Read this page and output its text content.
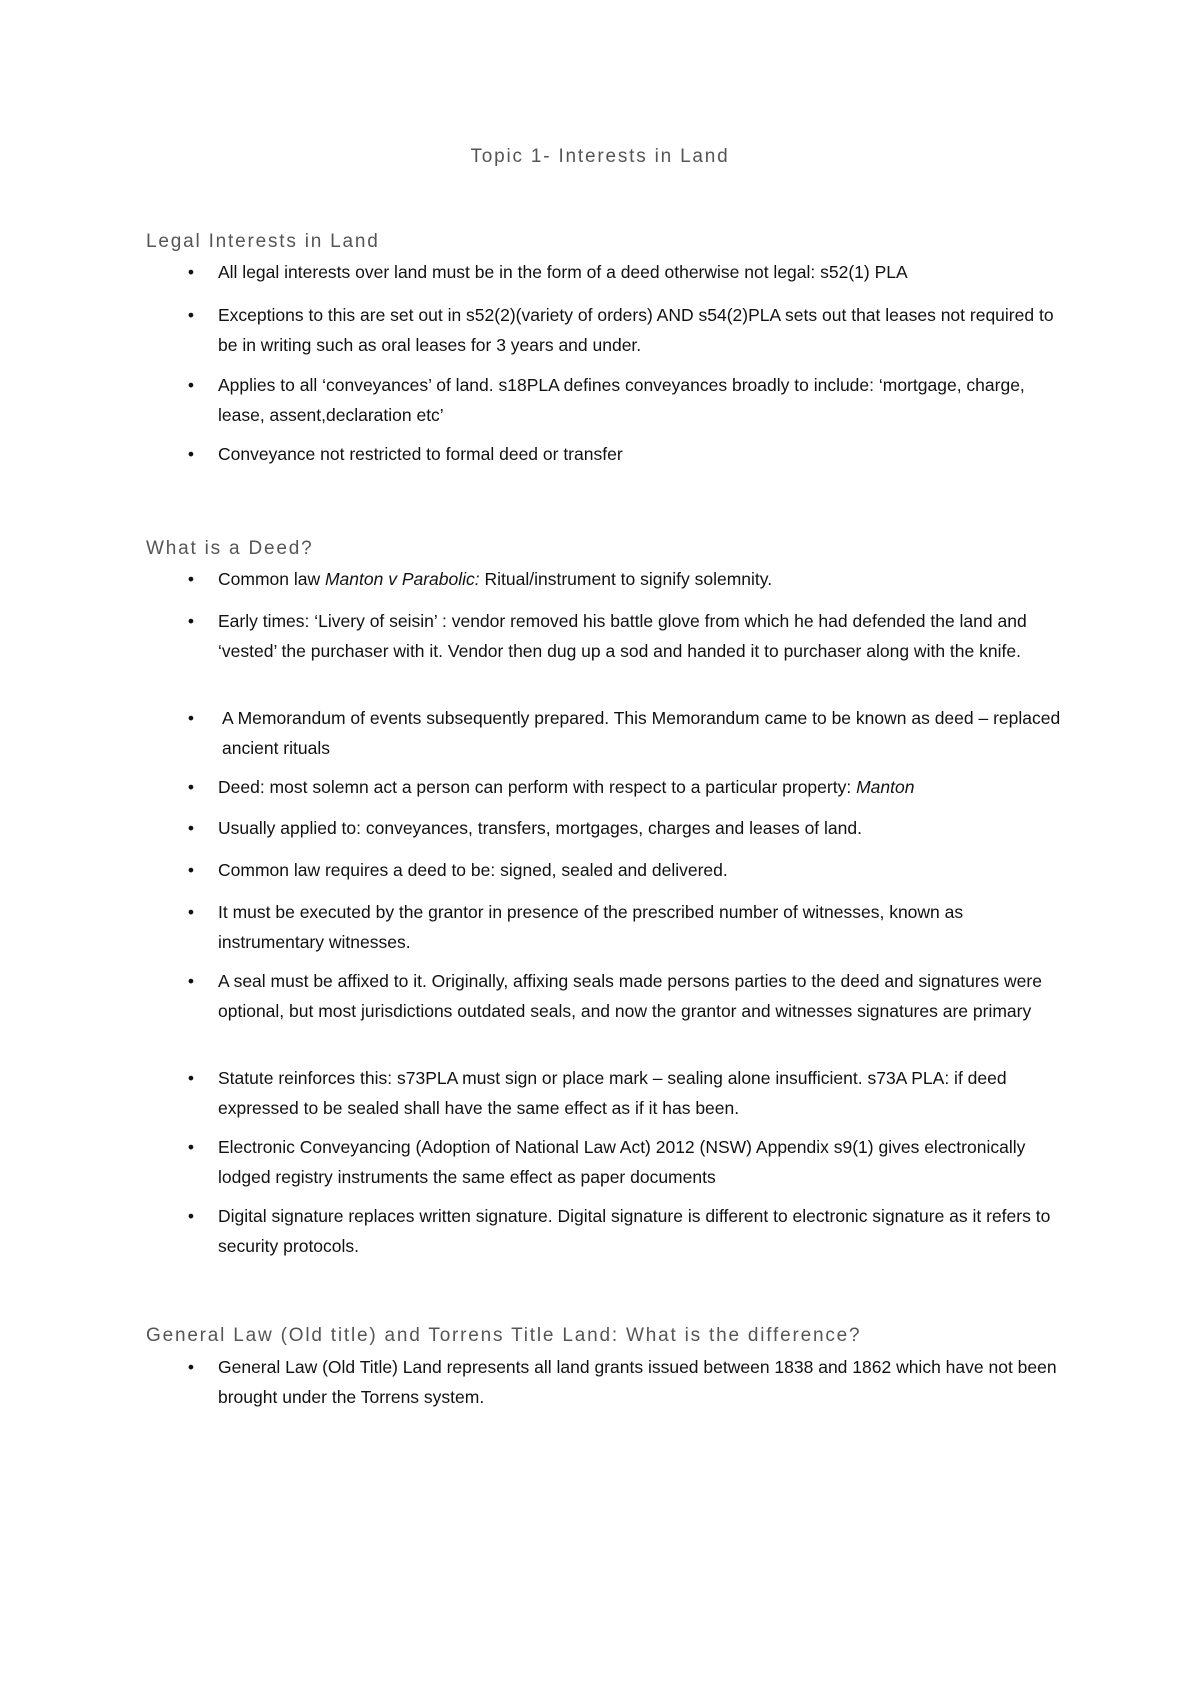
Topic 1- Interests in Land
Legal Interests in Land
• All legal interests over land must be in the form of a deed otherwise not legal: s52(1) PLA
• Exceptions to this are set out in s52(2)(variety of orders) AND s54(2)PLA sets out that leases not required to be in writing such as oral leases for 3 years and under.
• Applies to all ‘conveyances’ of land. s18PLA defines conveyances broadly to include: ‘mortgage, charge, lease, assent,declaration etc’
• Conveyance not restricted to formal deed or transfer
What is a Deed?
• Common law Manton v Parabolic: Ritual/instrument to signify solemnity.
• Early times: ‘Livery of seisin’ : vendor removed his battle glove from which he had defended the land and ‘vested’ the purchaser with it. Vendor then dug up a sod and handed it to purchaser along with the knife.
• A Memorandum of events subsequently prepared. This Memorandum came to be known as deed – replaced ancient rituals
• Deed: most solemn act a person can perform with respect to a particular property: Manton
• Usually applied to: conveyances, transfers, mortgages, charges and leases of land.
• Common law requires a deed to be: signed, sealed and delivered.
• It must be executed by the grantor in presence of the prescribed number of witnesses, known as instrumentary witnesses.
• A seal must be affixed to it. Originally, affixing seals made persons parties to the deed and signatures were optional, but most jurisdictions outdated seals, and now the grantor and witnesses signatures are primary
• Statute reinforces this: s73PLA must sign or place mark – sealing alone insufficient. s73A PLA: if deed expressed to be sealed shall have the same effect as if it has been.
• Electronic Conveyancing (Adoption of National Law Act) 2012 (NSW) Appendix s9(1) gives electronically lodged registry instruments the same effect as paper documents
• Digital signature replaces written signature. Digital signature is different to electronic signature as it refers to security protocols.
General Law (Old title) and Torrens Title Land: What is the difference?
• General Law (Old Title) Land represents all land grants issued between 1838 and 1862 which have not been brought under the Torrens system.
